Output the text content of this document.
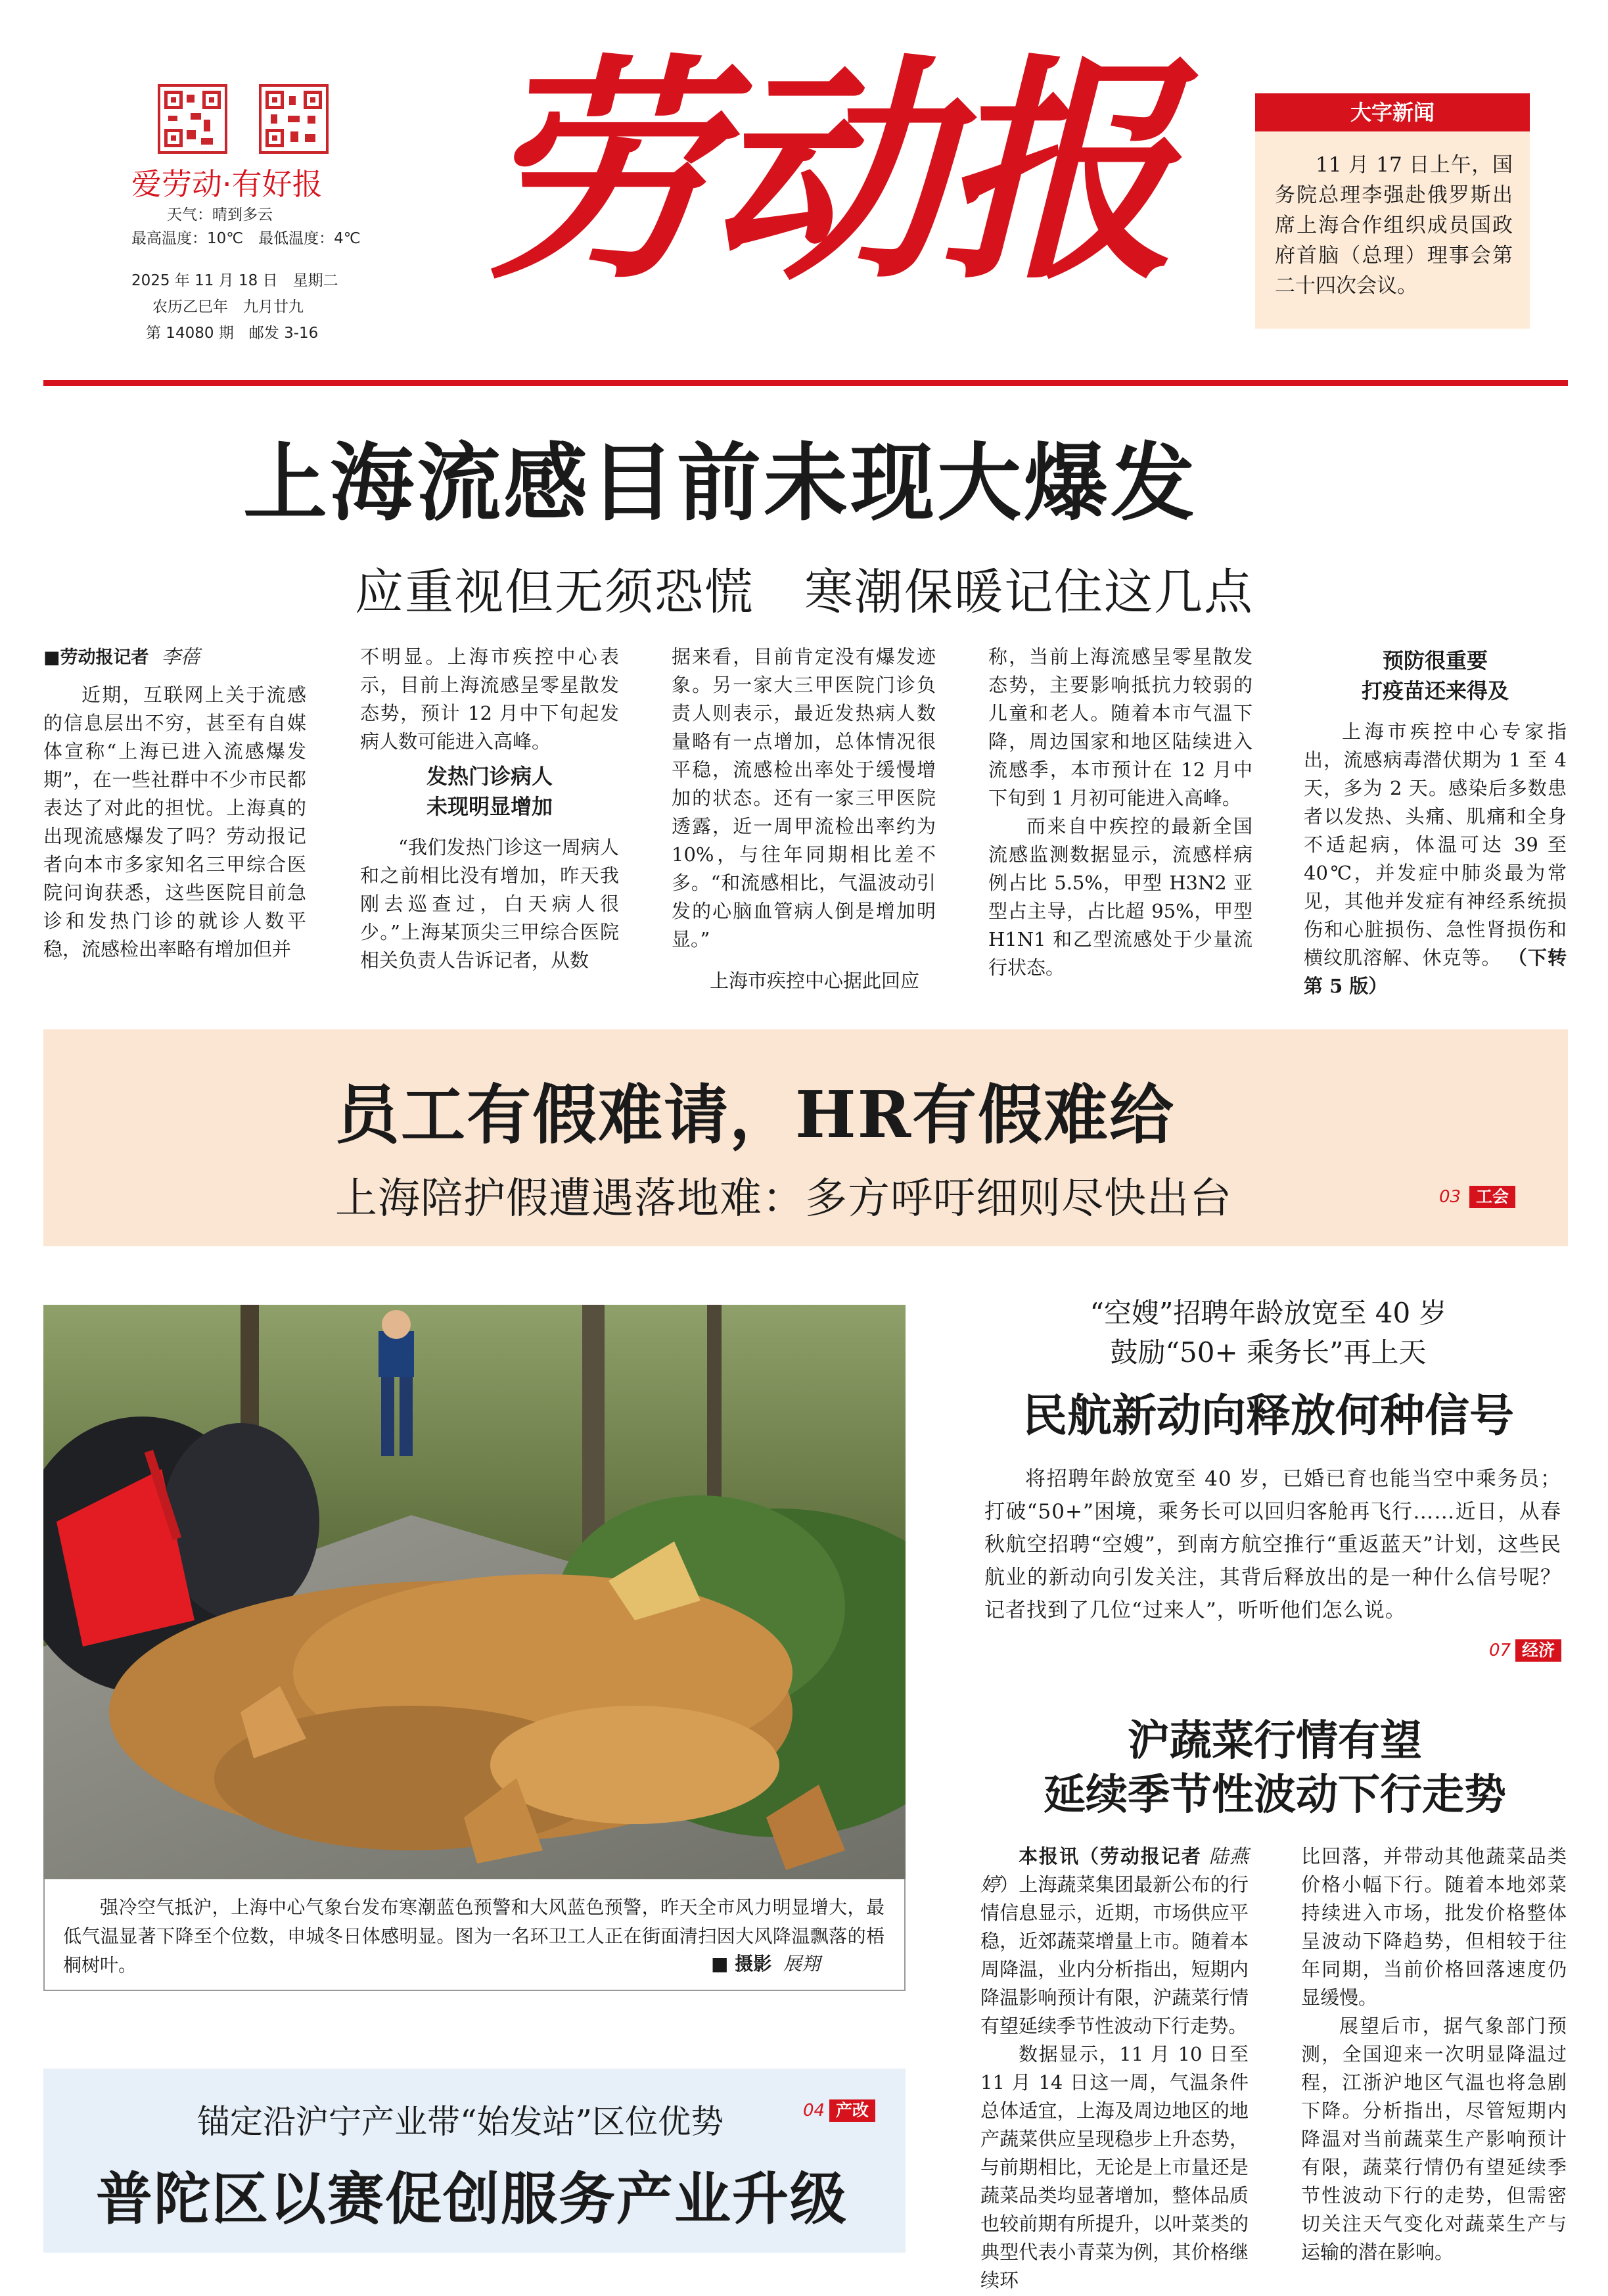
爱劳动·有好报
天气：晴到多云
最高温度：10℃　最低温度：4℃
2025 年 11 月 18 日　星期二
农历乙巳年　九月廿九
第 14080 期　邮发 3-16
劳动报	大字新闻
11 月 17 日上午，国务院总理李强赴俄罗斯出席上海合作组织成员国政府首脑（总理）理事会第二十四次会议。
上海流感目前未现大爆发
应重视但无须恐慌　寒潮保暖记住这几点

■劳动报记者 李蓓

近期，互联网上关于流感的信息层出不穷，甚至有自媒体宣称“上海已进入流感爆发期”，在一些社群中不少市民都表达了对此的担忧。上海真的出现流感爆发了吗？劳动报记者向本市多家知名三甲综合医院问询获悉，这些医院目前急诊和发热门诊的就诊人数平稳，流感检出率略有增加但并

不明显。上海市疾控中心表示，目前上海流感呈零星散发态势，预计 12 月中下旬起发病人数可能进入高峰。

发热门诊病人
未现明显增加

“我们发热门诊这一周病人和之前相比没有增加，昨天我刚去巡查过，白天病人很少。”上海某顶尖三甲综合医院相关负责人告诉记者，从数

据来看，目前肯定没有爆发迹象。另一家大三甲医院门诊负责人则表示，最近发热病人数量略有一点增加，总体情况很平稳，流感检出率处于缓慢增加的状态。还有一家三甲医院透露，近一周甲流检出率约为 10%，与往年同期相比差不多。“和流感相比，气温波动引发的心脑血管病人倒是增加明显。”

上海市疾控中心据此回应

称，当前上海流感呈零星散发态势，主要影响抵抗力较弱的儿童和老人。随着本市气温下降，周边国家和地区陆续进入流感季，本市预计在 12 月中下旬到 1 月初可能进入高峰。

而来自中疾控的最新全国流感监测数据显示，流感样病例占比 5.5%，甲型 H3N2 亚型占主导，占比超 95%，甲型 H1N1 和乙型流感处于少量流行状态。

预防很重要
打疫苗还来得及

上海市疾控中心专家指出，流感病毒潜伏期为 1 至 4 天，多为 2 天。感染后多数患者以发热、头痛、肌痛和全身不适起病，体温可达 39 至 40℃，并发症中肺炎最为常见，其他并发症有神经系统损伤和心脏损伤、急性肾损伤和横纹肌溶解、休克等。 （下转第 5 版）

员工有假难请，HR有假难给
上海陪护假遭遇落地难：多方呼吁细则尽快出台	03 工会
强冷空气抵沪，上海中心气象台发布寒潮蓝色预警和大风蓝色预警，昨天全市风力明显增大，最低气温显著下降至个位数，申城冬日体感明显。图为一名环卫工人正在街面清扫因大风降温飘落的梧桐树叶。	■ 摄影 展翔
“空嫂”招聘年龄放宽至 40 岁
鼓励“50+ 乘务长”再上天
民航新动向释放何种信号
将招聘年龄放宽至 40 岁，已婚已育也能当空中乘务员；打破“50+”困境，乘务长可以回归客舱再飞行……近日，从春秋航空招聘“空嫂”，到南方航空推行“重返蓝天”计划，这些民航业的新动向引发关注，其背后释放出的是一种什么信号呢？记者找到了几位“过来人”，听听他们怎么说。
07 经济
沪蔬菜行情有望
延续季节性波动下行走势

本报讯（劳动报记者 陆燕婷）上海蔬菜集团最新公布的行情信息显示，近期，市场供应平稳，近郊蔬菜增量上市。随着本周降温，业内分析指出，短期内降温影响预计有限，沪蔬菜行情有望延续季节性波动下行走势。

数据显示，11 月 10 日至 11 月 14 日这一周，气温条件总体适宜，上海及周边地区的地产蔬菜供应呈现稳步上升态势，与前期相比，无论是上市量还是蔬菜品类均显著增加，整体品质也较前期有所提升，以叶菜类的典型代表小青菜为例，其价格继续环

比回落，并带动其他蔬菜品类价格小幅下行。随着本地郊菜持续进入市场，批发价格整体呈波动下降趋势，但相较于往年同期，当前价格回落速度仍显缓慢。

展望后市，据气象部门预测，全国迎来一次明显降温过程，江浙沪地区气温也将急剧下降。分析指出，尽管短期内降温对当前蔬菜生产影响预计有限，蔬菜行情仍有望延续季节性波动下行的走势，但需密切关注天气变化对蔬菜生产与运输的潜在影响。

锚定沿沪宁产业带“始发站”区位优势	04 产改
普陀区以赛促创服务产业升级
